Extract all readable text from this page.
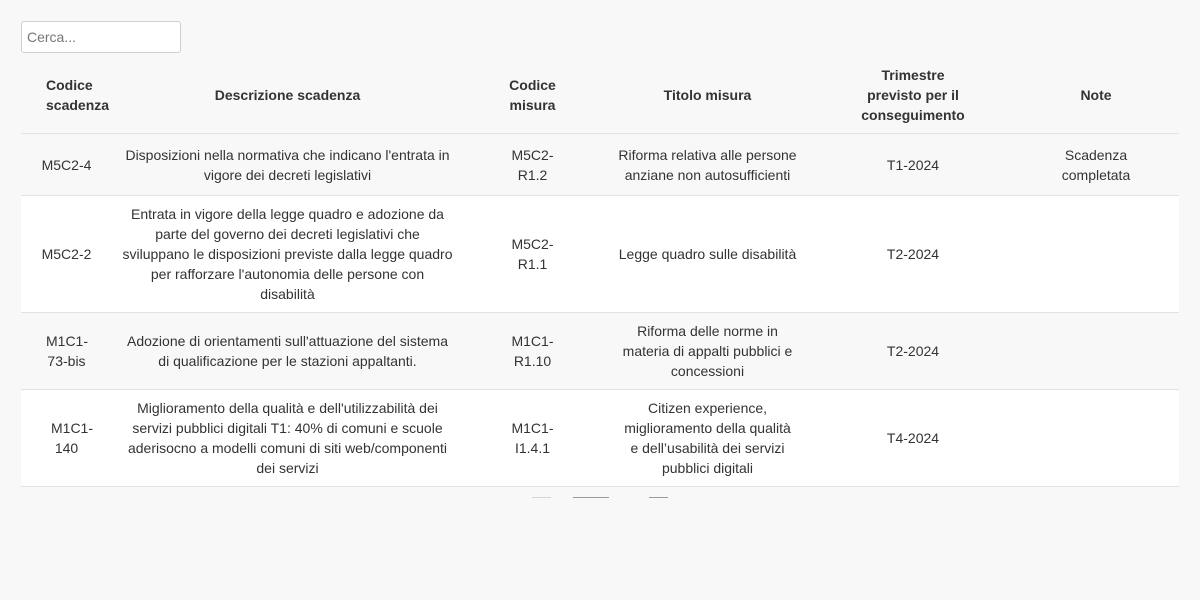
Cerca...
Codice scadenza	Descrizione scadenza	Codice misura	Titolo misura	Trimestre previsto per il conseguimento	Note
M5C2-4	Disposizioni nella normativa che indicano l'entrata in vigore dei decreti legislativi	M5C2-R1.2	Riforma relativa alle persone anziane non autosufficienti	T1-2024	Scadenza completata
M5C2-2	Entrata in vigore della legge quadro e adozione da parte del governo dei decreti legislativi che sviluppano le disposizioni previste dalla legge quadro per rafforzare l'autonomia delle persone con disabilità	M5C2-R1.1	Legge quadro sulle disabilità	T2-2024	
M1C1-73-bis	Adozione di orientamenti sull'attuazione del sistema di qualificazione per le stazioni appaltanti.	M1C1-R1.10	Riforma delle norme in materia di appalti pubblici e concessioni	T2-2024	
M1C1-140	Miglioramento della qualità e dell'utilizzabilità dei servizi pubblici digitali T1: 40% di comuni e scuole aderisocno a modelli comuni di siti web/componenti dei servizi	M1C1-I1.4.1	Citizen experience, miglioramento della qualità e dell’usabilità dei servizi pubblici digitali	T4-2024	
